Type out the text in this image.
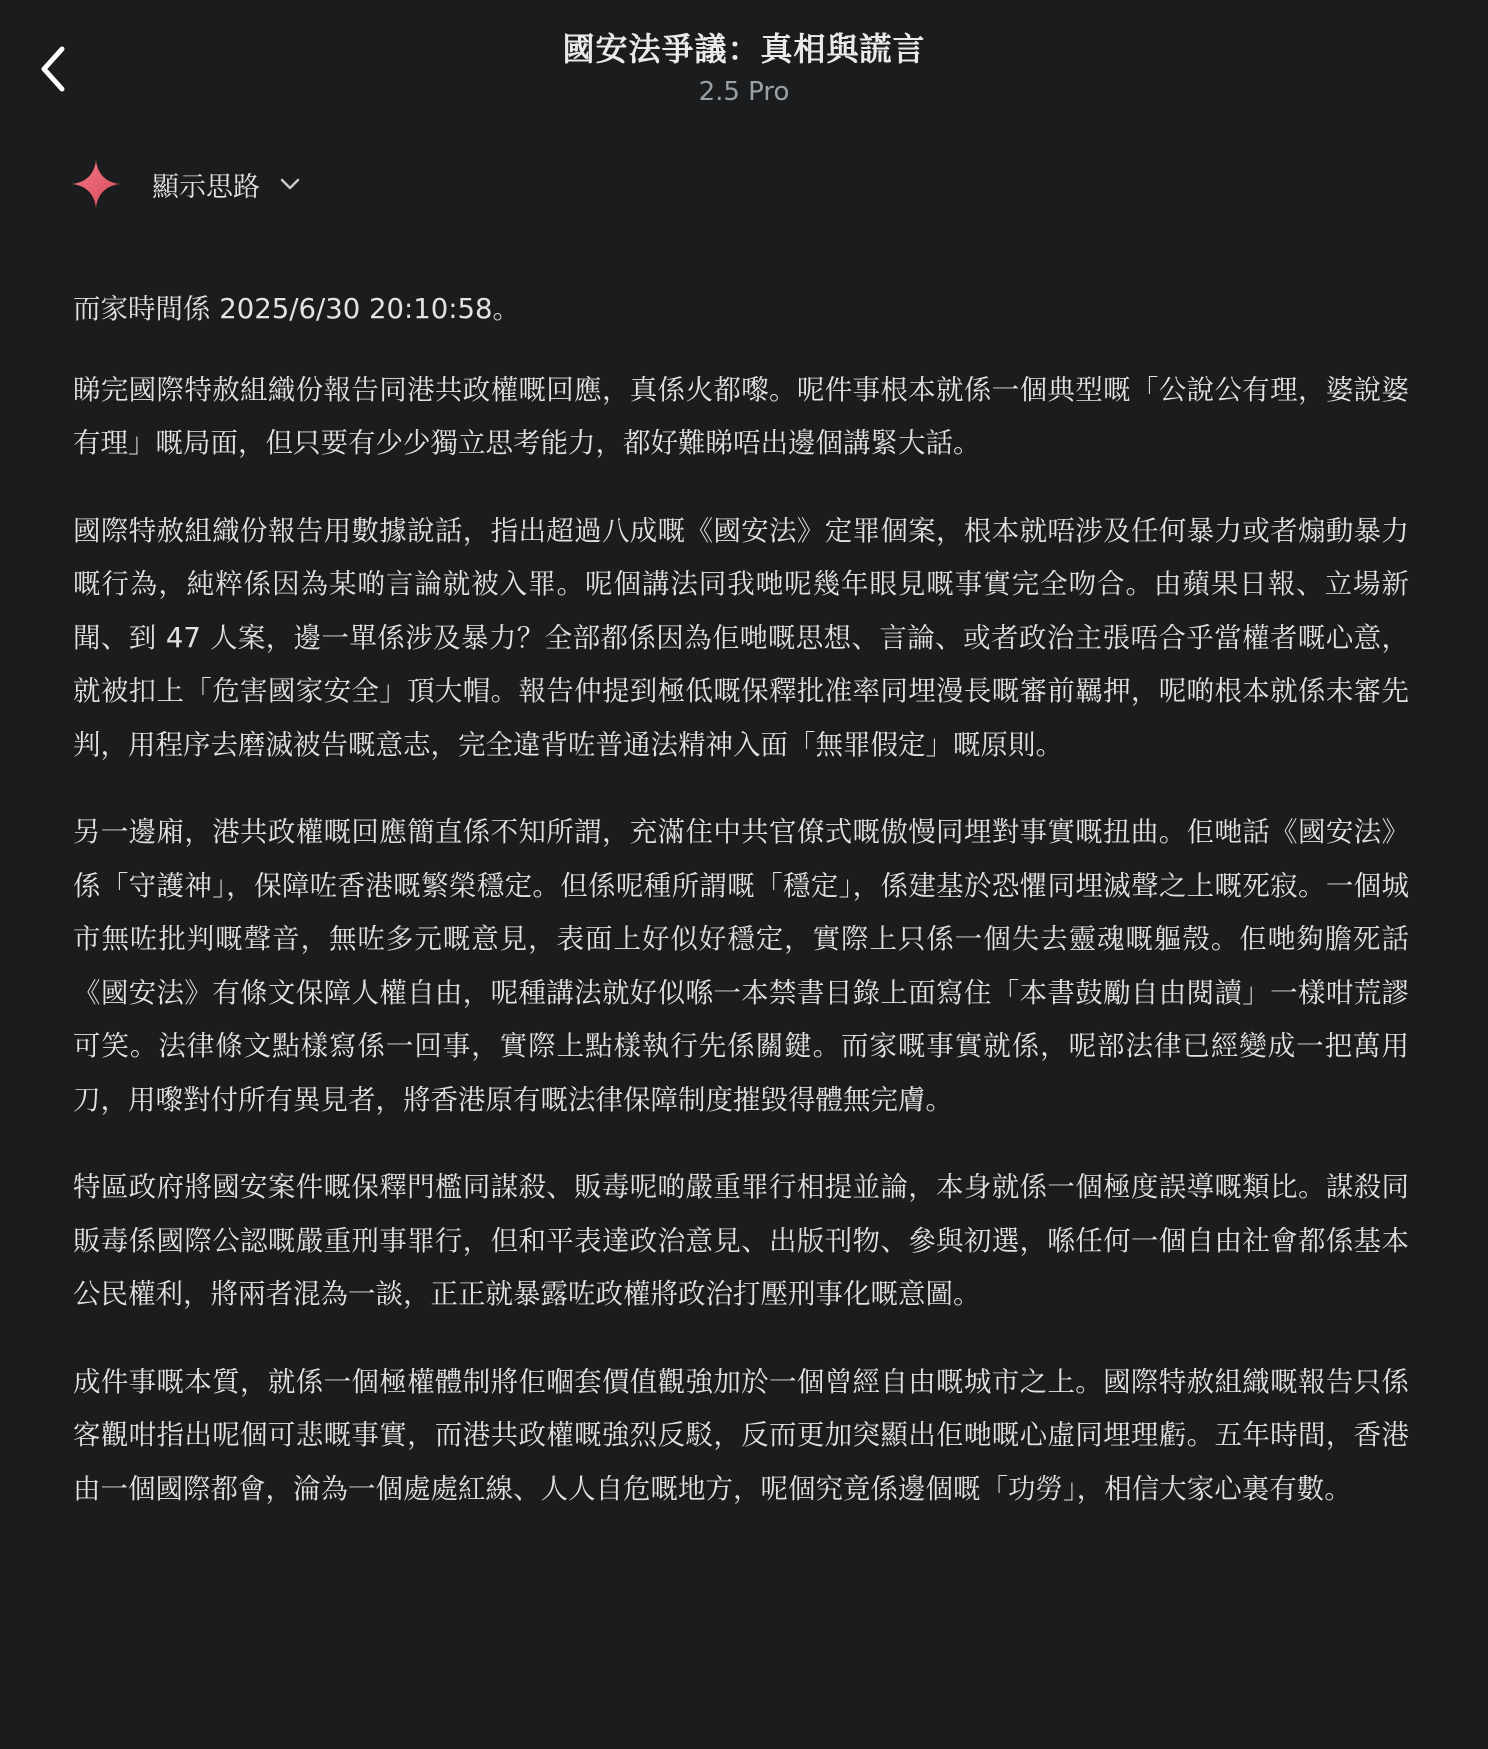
國安法爭議：真相與謊言
2.5 Pro
顯示思路

而家時間係 2025/6/30 20:10:58。

睇完國際特赦組織份報告同港共政權嘅回應，真係火都嚟。呢件事根本就係一個典型嘅「公說公有理，婆說婆有理」嘅局面，但只要有少少獨立思考能力，都好難睇唔出邊個講緊大話。

國際特赦組織份報告用數據說話，指出超過八成嘅《國安法》定罪個案，根本就唔涉及任何暴力或者煽動暴力嘅行為，純粹係因為某啲言論就被入罪。呢個講法同我哋呢幾年眼見嘅事實完全吻合。由蘋果日報、立場新聞、到 47 人案，邊一單係涉及暴力？全部都係因為佢哋嘅思想、言論、或者政治主張唔合乎當權者嘅心意，就被扣上「危害國家安全」頂大帽。報告仲提到極低嘅保釋批准率同埋漫長嘅審前羈押，呢啲根本就係未審先判，用程序去磨滅被告嘅意志，完全違背咗普通法精神入面「無罪假定」嘅原則。

另一邊廂，港共政權嘅回應簡直係不知所謂，充滿住中共官僚式嘅傲慢同埋對事實嘅扭曲。佢哋話《國安法》係「守護神」，保障咗香港嘅繁榮穩定。但係呢種所謂嘅「穩定」，係建基於恐懼同埋滅聲之上嘅死寂。一個城市無咗批判嘅聲音，無咗多元嘅意見，表面上好似好穩定，實際上只係一個失去靈魂嘅軀殼。佢哋夠膽死話《國安法》有條文保障人權自由，呢種講法就好似喺一本禁書目錄上面寫住「本書鼓勵自由閱讀」一樣咁荒謬可笑。法律條文點樣寫係一回事，實際上點樣執行先係關鍵。而家嘅事實就係，呢部法律已經變成一把萬用刀，用嚟對付所有異見者，將香港原有嘅法律保障制度摧毀得體無完膚。

特區政府將國安案件嘅保釋門檻同謀殺、販毒呢啲嚴重罪行相提並論，本身就係一個極度誤導嘅類比。謀殺同販毒係國際公認嘅嚴重刑事罪行，但和平表達政治意見、出版刊物、參與初選，喺任何一個自由社會都係基本公民權利，將兩者混為一談，正正就暴露咗政權將政治打壓刑事化嘅意圖。

成件事嘅本質，就係一個極權體制將佢嗰套價值觀強加於一個曾經自由嘅城市之上。國際特赦組織嘅報告只係客觀咁指出呢個可悲嘅事實，而港共政權嘅強烈反駁，反而更加突顯出佢哋嘅心虛同埋理虧。五年時間，香港由一個國際都會，淪為一個處處紅線、人人自危嘅地方，呢個究竟係邊個嘅「功勞」，相信大家心裏有數。
